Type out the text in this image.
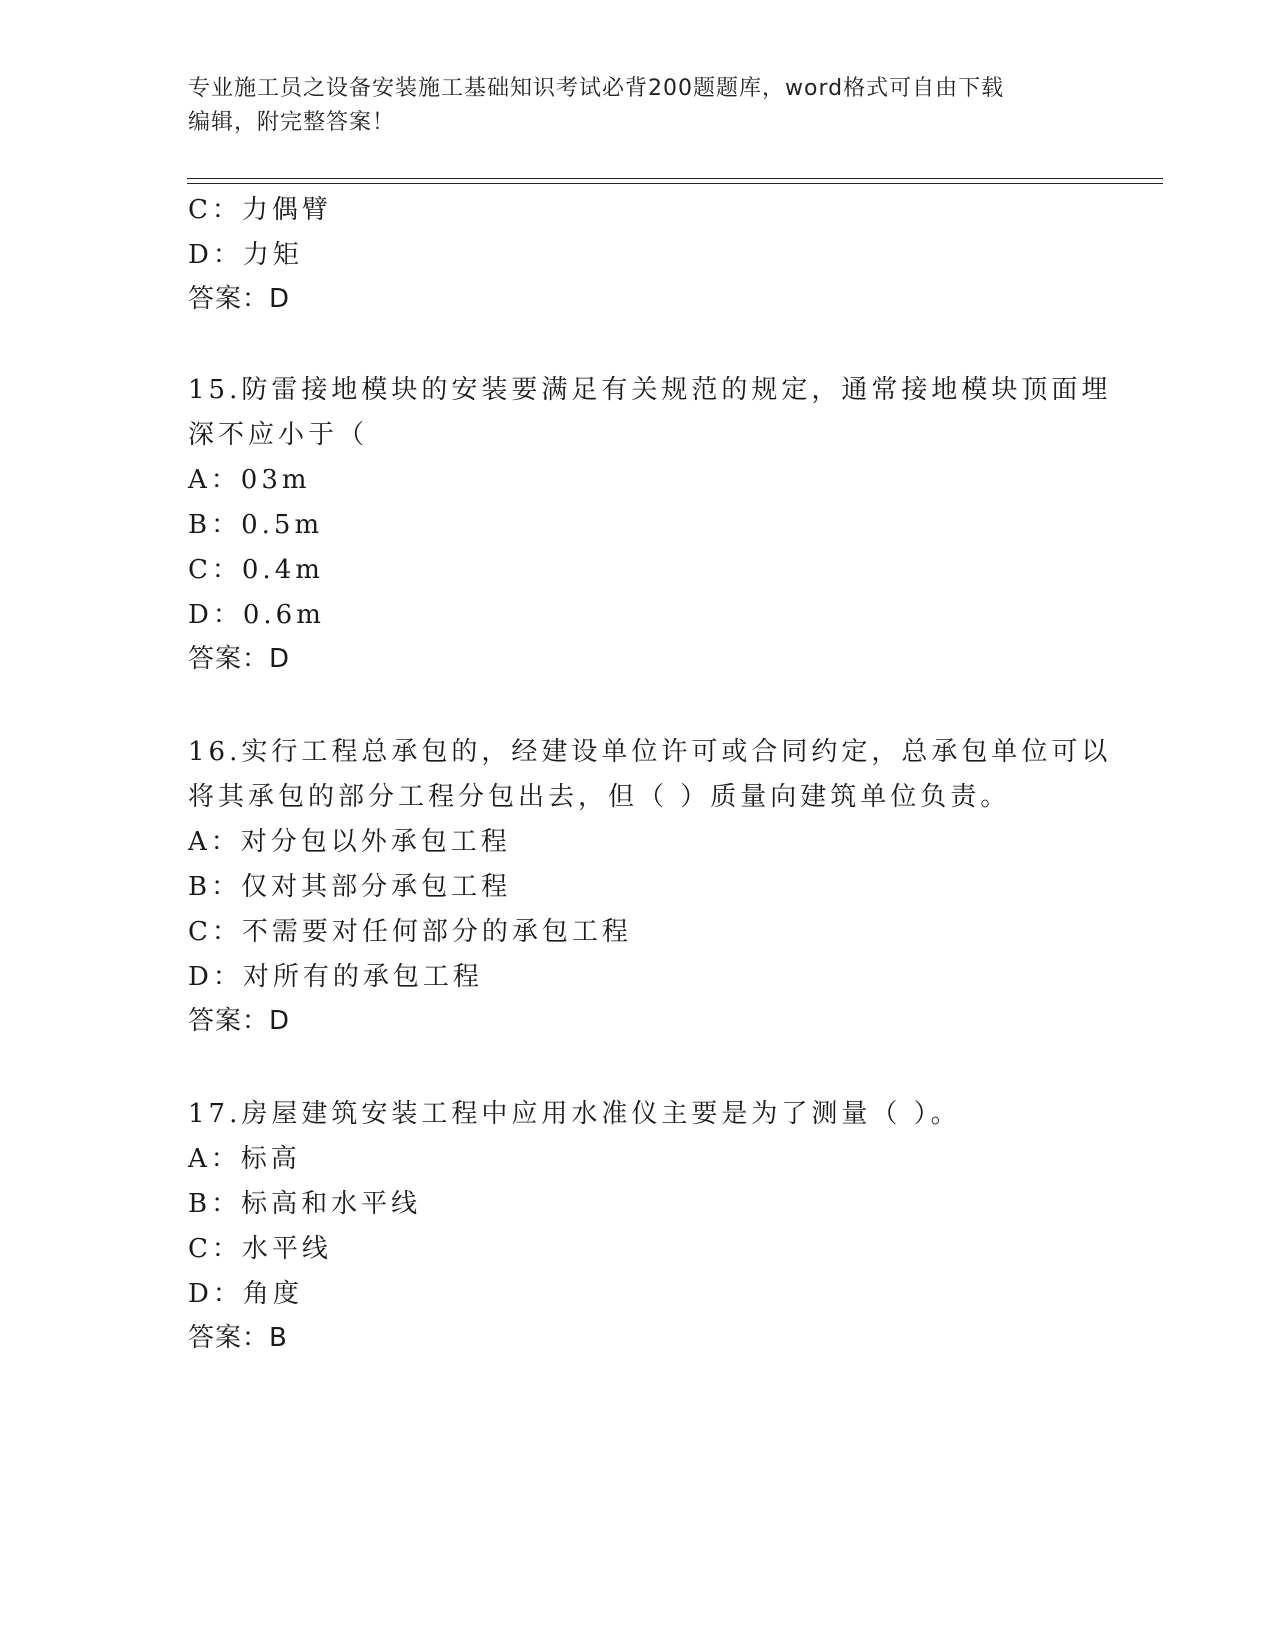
专业施工员之设备安装施工基础知识考试必背200题题库，word格式可自由下载
编辑，附完整答案！
C：力偶臂
D：力矩
答案：D
15.防雷接地模块的安装要满足有关规范的规定，通常接地模块顶面埋
深不应小于（
A：03m
B：0.5m
C：0.4m
D：0.6m
答案：D
16.实行工程总承包的，经建设单位许可或合同约定，总承包单位可以
将其承包的部分工程分包出去，但（ ）质量向建筑单位负责。
A：对分包以外承包工程
B：仅对其部分承包工程
C：不需要对任何部分的承包工程
D：对所有的承包工程
答案：D
17.房屋建筑安装工程中应用水准仪主要是为了测量（ ）。
A：标高
B：标高和水平线
C：水平线
D：角度
答案：B
